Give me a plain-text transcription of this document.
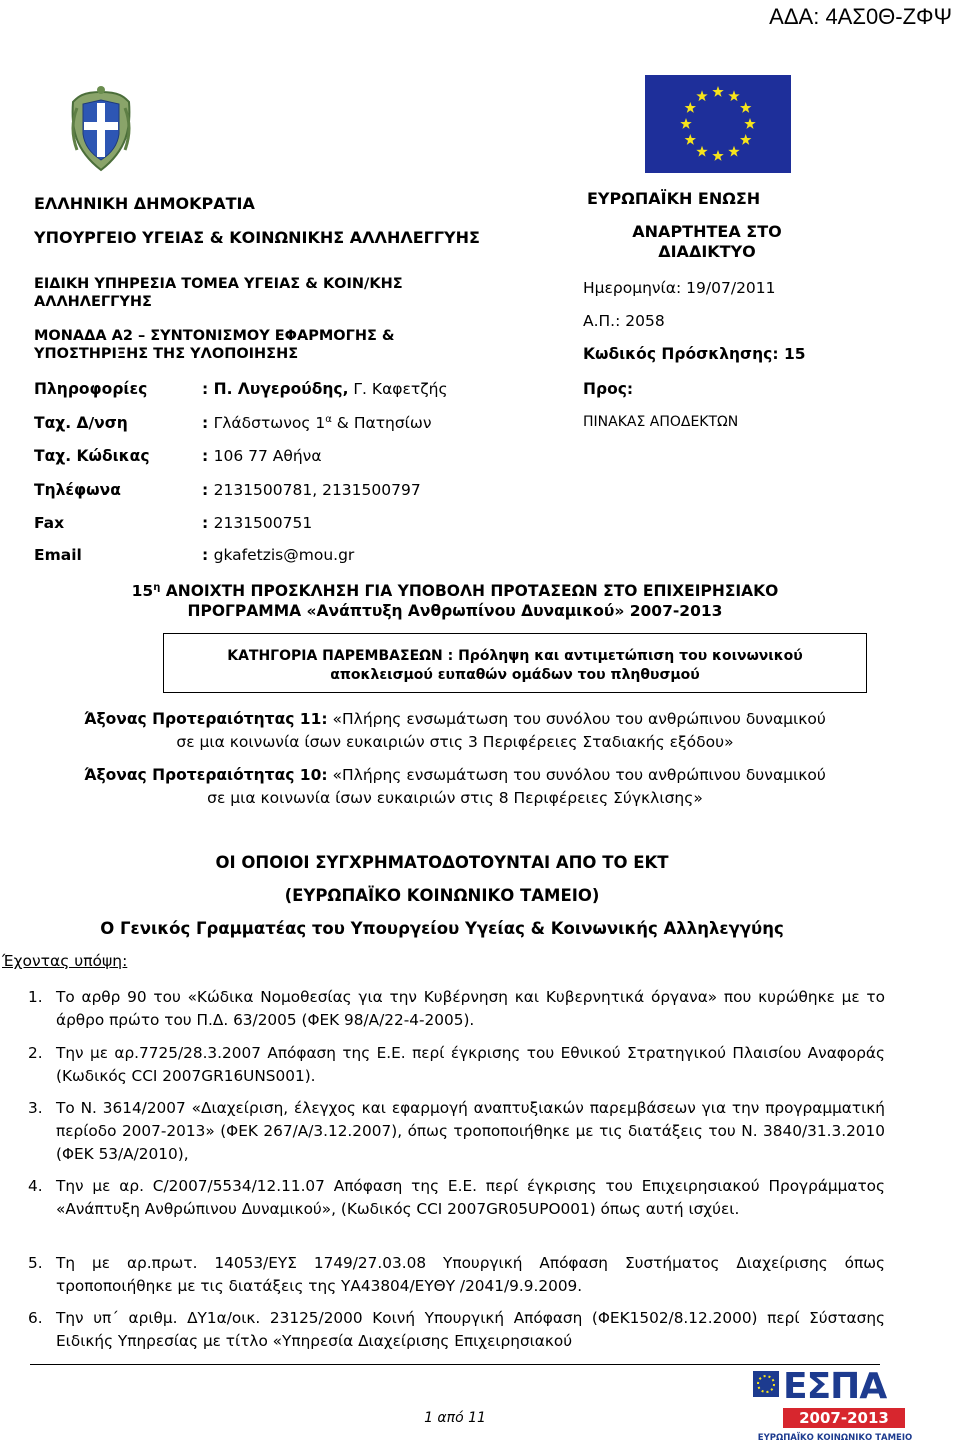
ΑΔΑ: 4ΑΣ0Θ-ΖΦΨ
ΕΛΛΗΝΙΚΗ ΔΗΜΟΚΡΑΤΙΑ
ΥΠΟΥΡΓΕΙΟ ΥΓΕΙΑΣ & ΚΟΙΝΩΝΙΚΗΣ ΑΛΛΗΛΕΓΓΥΗΣ
ΕΙΔΙΚΗ ΥΠΗΡΕΣΙΑ ΤΟΜΕΑ ΥΓΕΙΑΣ & ΚΟΙΝ/ΚΗΣ
ΑΛΛΗΛΕΓΓΥΗΣ
ΜΟΝΑΔΑ Α2 – ΣΥΝΤΟΝΙΣΜΟΥ ΕΦΑΡΜΟΓΗΣ &
ΥΠΟΣΤΗΡΙΞΗΣ ΤΗΣ ΥΛΟΠΟΙΗΣΗΣ
Πληροφορίες	: Π. Λυγερούδης, Γ. Καφετζής
Ταχ. Δ/νση	: Γλάδστωνος $1^\alpha$ & Πατησίων
Ταχ. Κώδικας	: 106 77 Αθήνα
Τηλέφωνα	: 2131500781, 2131500797
Fax	: 2131500751
Email	: gkafetzis@mou.gr
ΕΥΡΩΠΑΪΚΗ ΕΝΩΣΗ
ΑΝΑΡΤΗΤΕΑ ΣΤΟ
ΔΙΑΔΙΚΤΥΟ
Ημερομηνία: 19/07/2011
Α.Π.: 2058
Κωδικός Πρόσκλησης: 15
Προς:
ΠΙΝΑΚΑΣ ΑΠΟΔΕΚΤΩΝ
$15^\eta$ ΑΝΟΙΧΤΗ ΠΡΟΣΚΛΗΣΗ ΓΙΑ ΥΠΟΒΟΛΗ ΠΡΟΤΑΣΕΩΝ ΣΤΟ ΕΠΙΧΕΙΡΗΣΙΑΚΟ
ΠΡΟΓΡΑΜΜΑ «Ανάπτυξη Ανθρωπίνου Δυναμικού» 2007-2013
ΚΑΤΗΓΟΡΙΑ ΠΑΡΕΜΒΑΣΕΩΝ : Πρόληψη και αντιμετώπιση του κοινωνικού
αποκλεισμού ευπαθών ομάδων του πληθυσμού
Άξονας Προτεραιότητας 11: «Πλήρης ενσωμάτωση του συνόλου του ανθρώπινου δυναμικού
σε μια κοινωνία ίσων ευκαιριών στις 3 Περιφέρειες Σταδιακής εξόδου»
Άξονας Προτεραιότητας 10: «Πλήρης ενσωμάτωση του συνόλου του ανθρώπινου δυναμικού
σε μια κοινωνία ίσων ευκαιριών στις 8 Περιφέρειες Σύγκλισης»
ΟΙ ΟΠΟΙΟΙ ΣΥΓΧΡΗΜΑΤΟΔΟΤΟΥΝΤΑΙ ΑΠΟ ΤΟ ΕΚΤ
(ΕΥΡΩΠΑΪΚΟ ΚΟΙΝΩΝΙΚΟ ΤΑΜΕΙΟ)
Ο Γενικός Γραμματέας του Υπουργείου Υγείας & Κοινωνικής Αλληλεγγύης
Έχοντας υπόψη:
1. Το αρθρ 90 του «Κώδικα Νομοθεσίας για την Κυβέρνηση και Κυβερνητικά όργανα» που κυρώθηκε με το άρθρο πρώτο του Π.Δ. 63/2005 (ΦΕΚ 98/Α/22-4-2005).
2. Την με αρ.7725/28.3.2007 Απόφαση της Ε.Ε. περί έγκρισης του Εθνικού Στρατηγικού Πλαισίου Αναφοράς (Κωδικός CCI 2007GR16UNS001).
3. Το Ν. 3614/2007 «Διαχείριση, έλεγχος και εφαρμογή αναπτυξιακών παρεμβάσεων για την προγραμματική περίοδο 2007-2013» (ΦΕΚ 267/Α/3.12.2007), όπως τροποποιήθηκε με τις διατάξεις του Ν. 3840/31.3.2010 (ΦΕΚ 53/Α/2010),
4. Την με αρ. C/2007/5534/12.11.07 Απόφαση της Ε.Ε. περί έγκρισης του Επιχειρησιακού Προγράμματος «Ανάπτυξη Ανθρώπινου Δυναμικού», (Κωδικός CCI 2007GR05UPO001) όπως αυτή ισχύει.
5. Τη με αρ.πρωτ. 14053/ΕΥΣ 1749/27.03.08 Υπουργική Απόφαση Συστήματος Διαχείρισης όπως τροποποιήθηκε με τις διατάξεις της ΥΑ43804/ΕΥΘΥ /2041/9.9.2009.
6. Την υπ΄ αριθμ. ΔΥ1α/οικ. 23125/2000 Κοινή Υπουργική Απόφαση (ΦΕΚ1502/8.12.2000) περί Σύστασης Ειδικής Υπηρεσίας με τίτλο «Υπηρεσία Διαχείρισης Επιχειρησιακού
1 από 11
ΕΣΠΑ
2007-2013
ΕΥΡΩΠΑΪΚΟ ΚΟΙΝΩΝΙΚΟ ΤΑΜΕΙΟ
